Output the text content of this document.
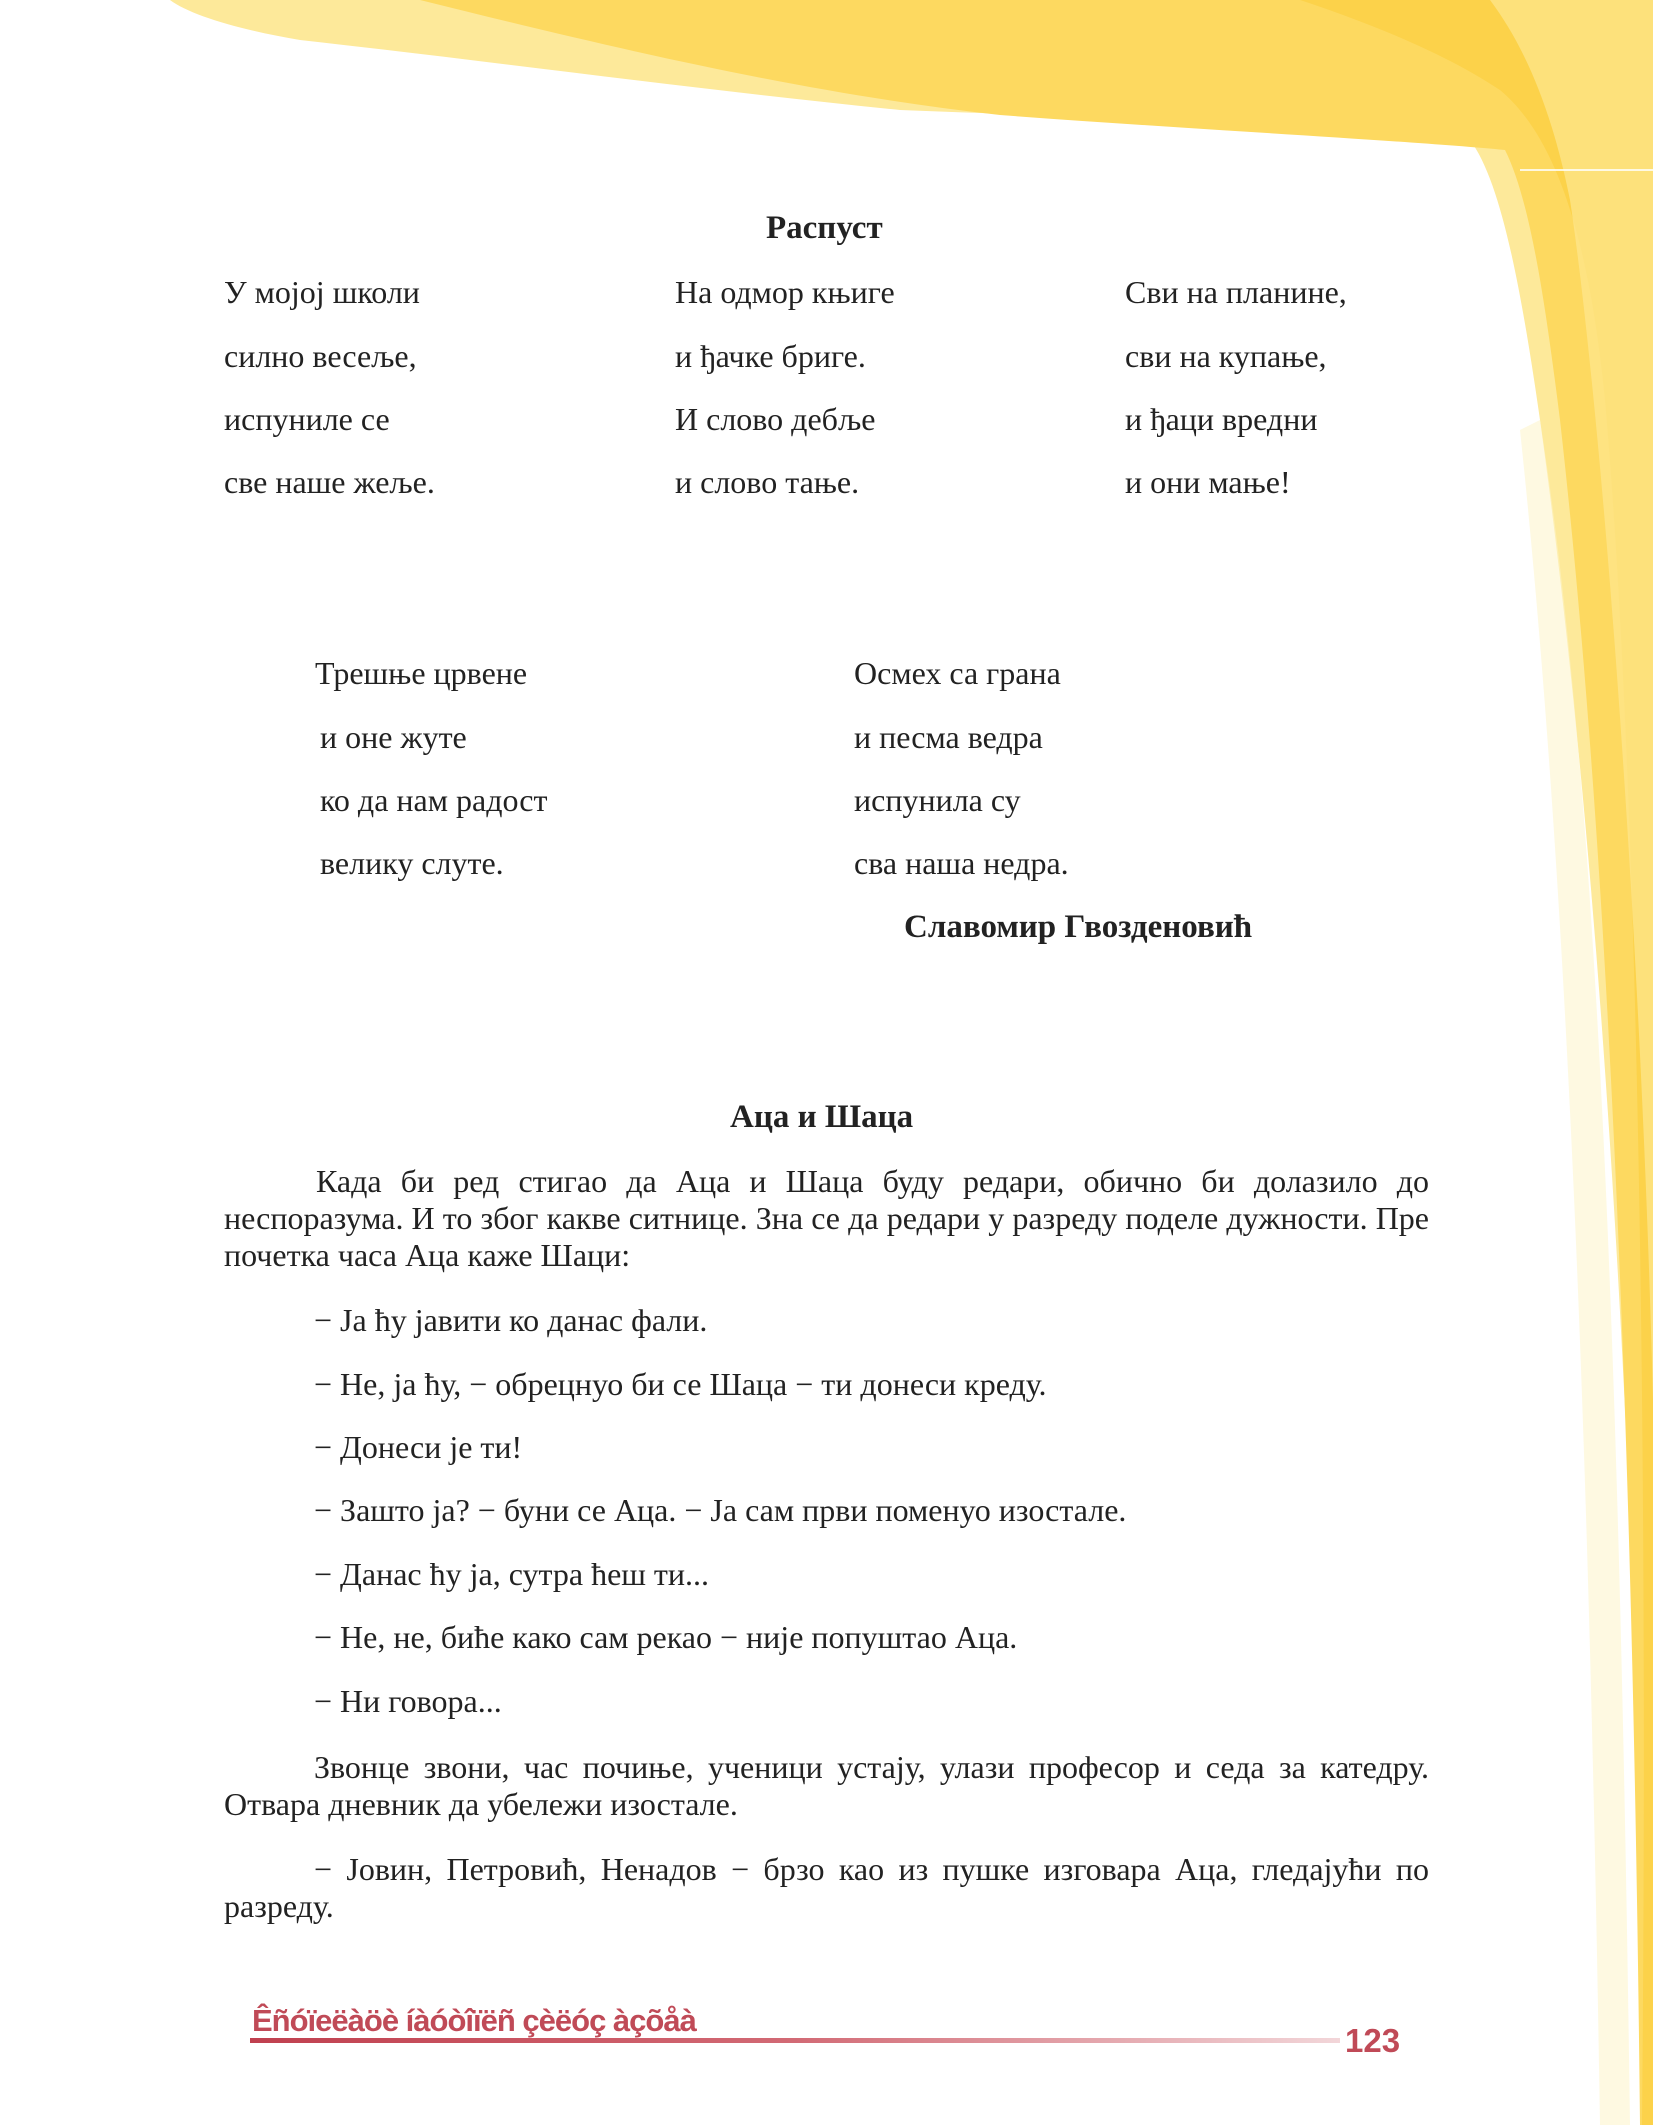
Распуст
У мојој школи
силно весеље,
испуниле се
све наше жеље.
На одмор књиге
и ђачке бриге.
И слово дебље
и слово тање.
Сви на планине,
сви на купање,
и ђаци вредни
и они мање!
Трешње црвене
и оне жуте
ко да нам радост
велику слуте.
Осмех са грана
и песма ведра
испунила су
сва наша недра.
Славомир Гвозденовић
Аца и Шаца
Када би ред стигао да Аца и Шаца буду редари, обично би долазило до неспоразума. И то због какве ситнице. Зна се да редари у разреду поделе дужности. Пре почетка часа Аца каже Шаци:
− Ја ћу јавити ко данас фали.
− Не, ја ћу, − обрецнуо би се Шаца − ти донеси креду.
− Донеси је ти!
− Зашто ја? − буни се Аца. − Ја сам први поменуо изостале.
− Данас ћу ја, сутра ћеш ти...
− Не, не, биће како сам рекао − није попуштао Аца.
− Ни говора...
Звонце звони, час почиње, ученици устају, улази професор и седа за катедру. Отвара дневник да убележи изостале.
− Јовин, Петровић, Ненадов − брзо као из пушке изговара Аца, гледајући по разреду.
Êñóïeëàöè íàóòîïëñ çèëóç àçõåà
123
